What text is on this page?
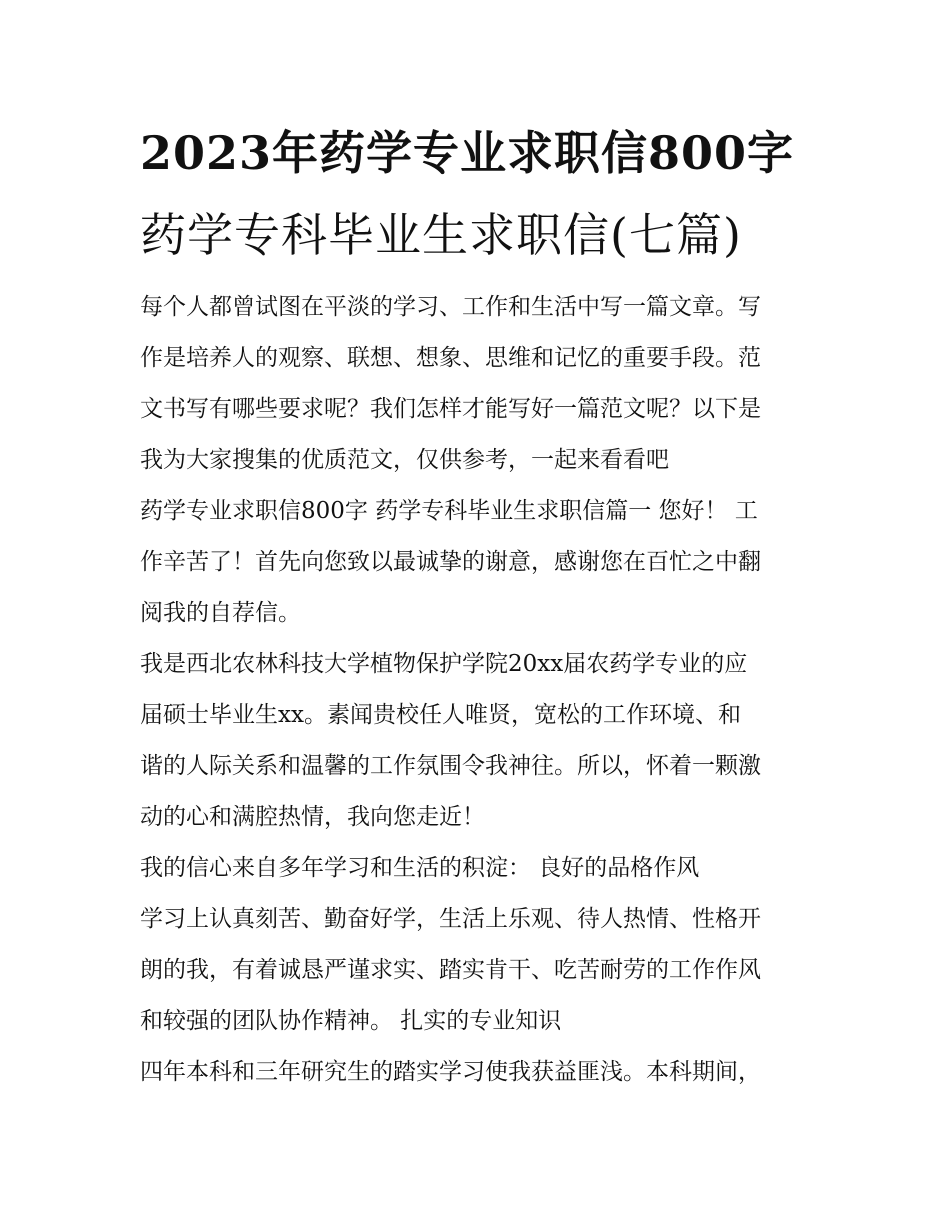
2023年药学专业求职信800字
药学专科毕业生求职信(七篇)

每个人都曾试图在平淡的学习、工作和生活中写一篇文章。写
作是培养人的观察、联想、想象、思维和记忆的重要手段。范
文书写有哪些要求呢？我们怎样才能写好一篇范文呢？以下是
我为大家搜集的优质范文，仅供参考，一起来看看吧

药学专业求职信800字 药学专科毕业生求职信篇一 您好！ 工
作辛苦了！首先向您致以最诚挚的谢意，感谢您在百忙之中翻
阅我的自荐信。

我是西北农林科技大学植物保护学院20xx届农药学专业的应
届硕士毕业生xx。素闻贵校任人唯贤，宽松的工作环境、和
谐的人际关系和温馨的工作氛围令我神往。所以，怀着一颗激
动的心和满腔热情，我向您走近！

我的信心来自多年学习和生活的积淀： 良好的品格作风

学习上认真刻苦、勤奋好学，生活上乐观、待人热情、性格开
朗的我，有着诚恳严谨求实、踏实肯干、吃苦耐劳的工作作风
和较强的团队协作精神。 扎实的专业知识

四年本科和三年研究生的踏实学习使我获益匪浅。本科期间，
